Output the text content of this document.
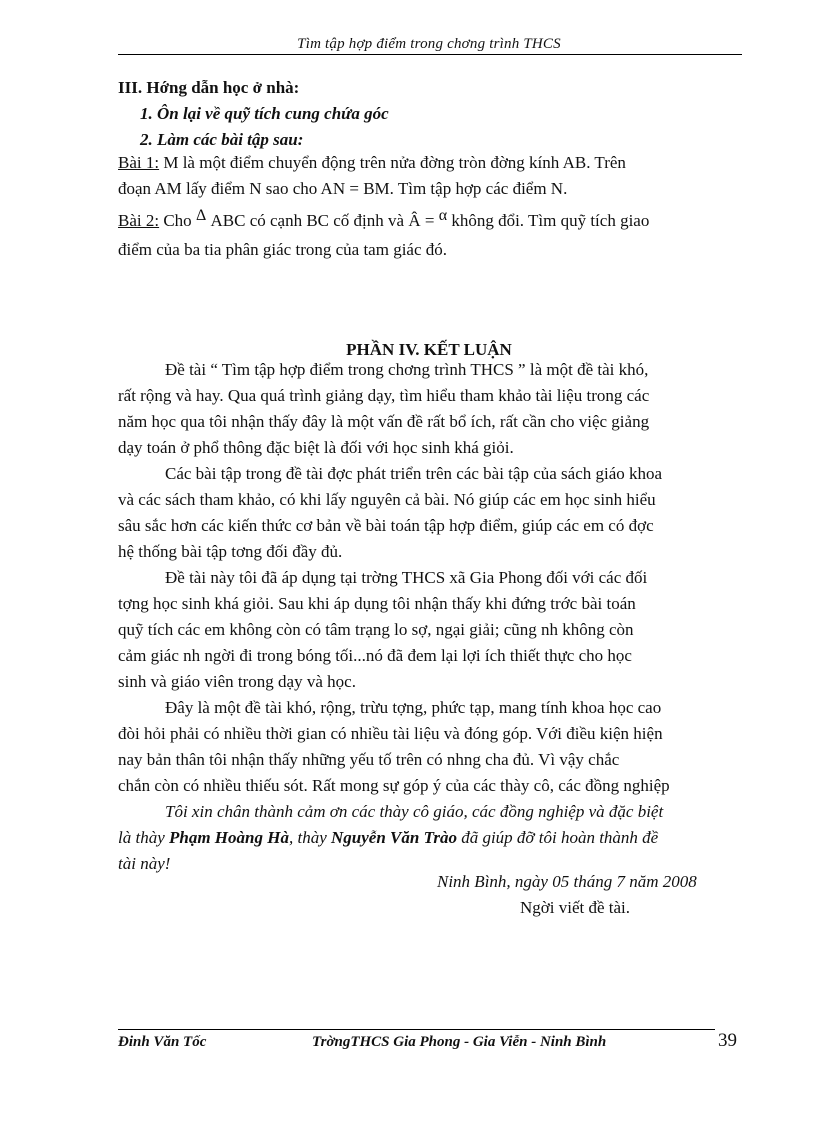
Tìm tập hợp điểm trong chơng trình THCS
III. Hớng dẫn học ở nhà:
1. Ôn lại về quỹ tích cung chứa góc
2. Làm các bài tập sau:
Bài 1: M là một điểm chuyển động trên nửa đờng tròn đờng kính AB. Trên
đoạn AM lấy điểm N sao cho AN = BM. Tìm tập hợp các điểm N.
Bài 2: Cho Δ ABC có cạnh BC cố định và Â = α không đổi. Tìm quỹ tích giao
điểm của ba tia phân giác trong của tam giác đó.
PHẦN IV. KẾT LUẬN
Đề tài “ Tìm tập hợp điểm trong chơng trình THCS ” là một đề tài khó,
rất rộng và hay. Qua quá trình giảng dạy, tìm hiểu tham khảo tài liệu trong các
năm học qua tôi nhận thấy đây là một vấn đề rất bổ ích, rất cần cho việc giảng
dạy toán ở phổ thông đặc biệt là đối với học sinh khá giỏi.
Các bài tập trong đề tài đợc phát triển trên các bài tập của sách giáo khoa
và các sách tham khảo, có khi lấy nguyên cả bài. Nó giúp các em học sinh hiểu
sâu sắc hơn các kiến thức cơ bản về bài toán tập hợp điểm, giúp các em có đợc
hệ thống bài tập tơng đối đầy đủ.
Đề tài này tôi đã áp dụng tại trờng THCS xã Gia Phong đối với các đối
tợng học sinh khá giỏi. Sau khi áp dụng tôi nhận thấy khi đứng trớc bài toán
quỹ tích các em không còn có tâm trạng lo sợ, ngại giải; cũng nh không còn
cảm giác nh ngời đi trong bóng tối...nó đã đem lại lợi ích thiết thực cho học
sinh và giáo viên trong dạy và học.
Đây là một đề tài khó, rộng, trừu tợng, phức tạp, mang tính khoa học cao
đòi hỏi phải có nhiều thời gian có nhiều tài liệu và đóng góp. Với điều kiện hiện
nay bản thân tôi nhận thấy những yếu tố trên có nhng cha đủ. Vì vậy chắc
chắn còn có nhiều thiếu sót. Rất mong sự góp ý của các thày cô, các đồng nghiệp
Tôi xin chân thành cảm ơn các thày cô giáo, các đồng nghiệp và đặc biệt
là thày Phạm Hoàng Hà, thày Nguyễn Văn Trào đã giúp đỡ tôi hoàn thành đề
tài này!
Ninh Bình, ngày 05 tháng 7 năm 2008
Ngời viết đề tài.
Đinh Văn Tốc	TrờngTHCS Gia Phong - Gia Viễn - Ninh Bình	39
